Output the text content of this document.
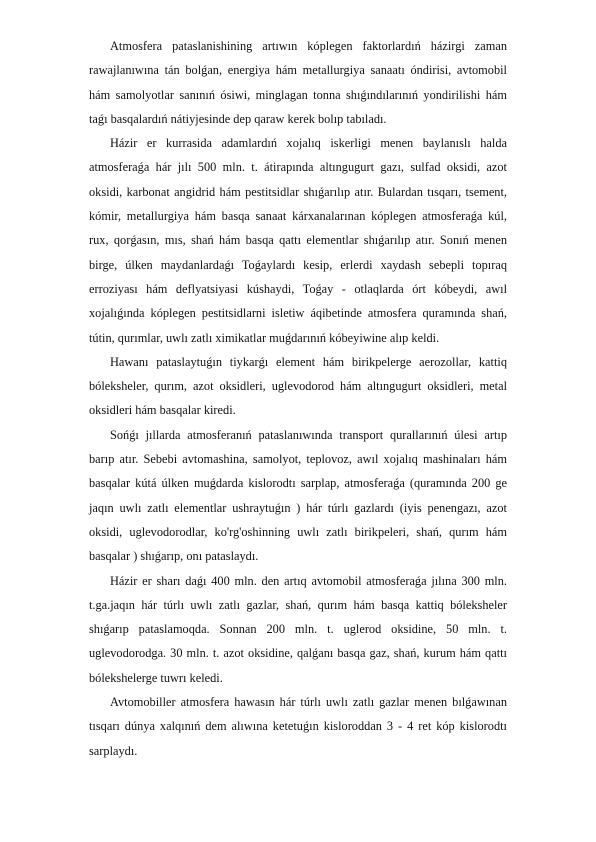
Atmosfera pataslanishining artıwın kóplegen faktorlardıń házirgi zaman rawajlanıwına tán bolǵan, energiya hám metallurgiya sanaatı óndirisi, avtomobil hám samolyotlar sanınıń ósiwi, minglagan tonna shıǵındılarınıń yondirilishi hám taǵı basqalardıń nátiyjesinde dep qaraw kerek bolıp tabıladı.

Házir er kurrasida adamlardıń xojalıq iskerligi menen baylanıslı halda atmosferaǵa hár jılı 500 mln. t. átirapında altıngugurt gazı, sulfad oksidi, azot oksidi, karbonat angidrid hám pestitsidlar shıǵarılıp atır. Bulardan tısqarı, tsement, kómir, metallurgiya hám basqa sanaat kárxanalarınan kóplegen atmosferaǵa kúl, rux, qorǵasın, mıs, shań hám basqa qattı elementlar shıǵarılıp atır. Sonıń menen birge, úlken maydanlardaǵı Toǵaylardı kesip, erlerdi xaydash sebepli topıraq erroziyası hám deflyatsiyasi kúshaydi, Toǵay - otlaqlarda órt kóbeydi, awıl xojalıǵında kóplegen pestitsidlarni isletiw áqibetinde atmosfera quramında shań, tútin, qurımlar, uwlı zatlı ximikatlar muǵdarınıń kóbeyiwine alıp keldi.

Hawanı pataslaytuǵın tiykarǵı element hám birikpelerge aerozollar, kattiq bóleksheler, qurım, azot oksidleri, uglevodorod hám altıngugurt oksidleri, metal oksidleri hám basqalar kiredi.

Sońǵı jıllarda atmosferanıń pataslanıwında transport qurallarınıń úlesi artıp barıp atır. Sebebi avtomashina, samolyot, teplovoz, awıl xojalıq mashinaları hám basqalar kútá úlken muǵdarda kislorodtı sarplap, atmosferaǵa (quramında 200 ge jaqın uwlı zatlı elementlar ushraytuǵın ) hár túrlı gazlardı (iyis penengazı, azot oksidi, uglevodorodlar, ko'rg'oshinning uwlı zatlı birikpeleri, shań, qurım hám basqalar ) shıǵarıp, onı pataslaydı.

Házir er sharı daǵı 400 mln. den artıq avtomobil atmosferaǵa jılına 300 mln. t.ga.jaqın hár túrlı uwlı zatlı gazlar, shań, qurım hám basqa kattiq bóleksheler shıǵarıp pataslamoqda. Sonnan 200 mln. t. uglerod oksidine, 50 mln. t. uglevodorodga. 30 mln. t. azot oksidine, qalǵanı basqa gaz, shań, kurum hám qattı bólekshelerge tuwrı keledi.

Avtomobiller atmosfera hawasın hár túrlı uwlı zatlı gazlar menen bılǵawınan tısqarı dúnya xalqınıń dem alıwına ketetuǵın kisloroddan 3 - 4 ret kóp kislorodtı sarplaydı.
